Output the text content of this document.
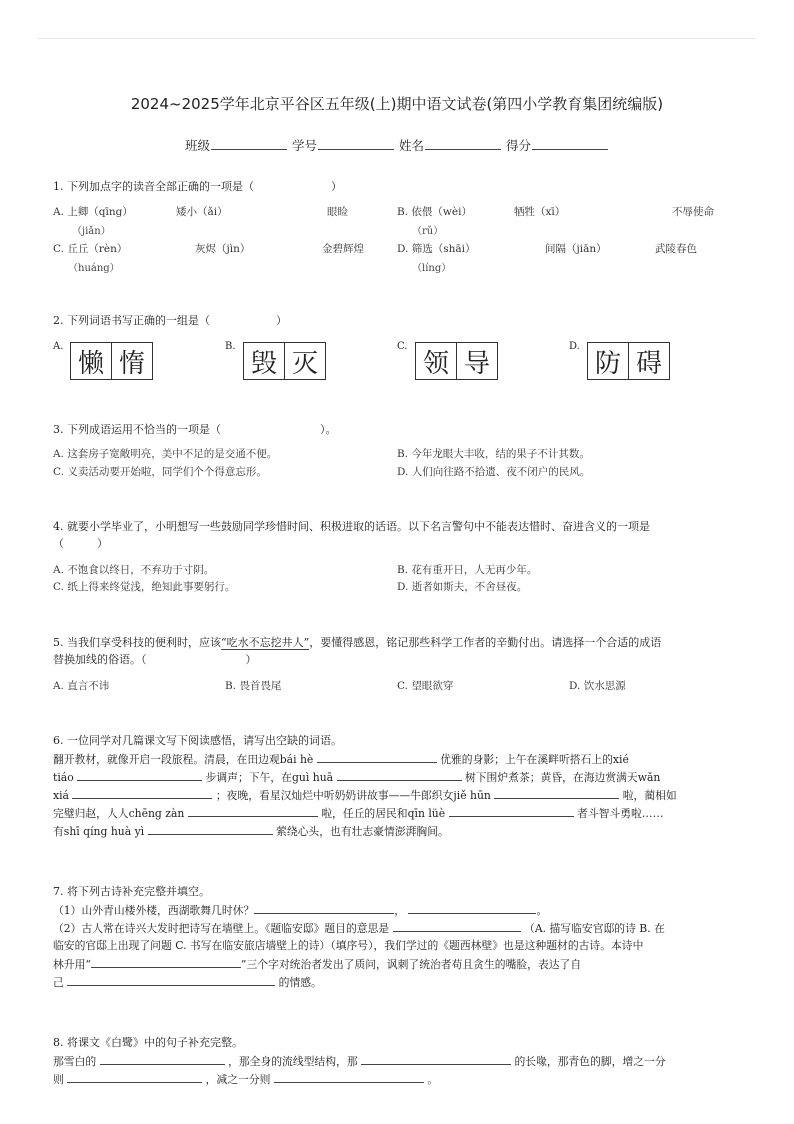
2024~2025学年北京平谷区五年级(上)期中语文试卷(第四小学教育集团统编版)
班级	学号	姓名	得分
1. 下列加点字的读音全部正确的一项是（　　　　　　　）
A. 上卿（qīng）	矮小（ǎi）	眼睑
（jiǎn）
B. 依偎（wèi）	牺牲（xī）	不辱使命
（rǔ）
C. 丘丘（rèn）	灰烬（jìn）	金碧辉煌
（huáng）
D. 筛选（shāi）	间隔（jiān）	武陵春色
（líng）
2. 下列词语书写正确的一组是（　　　　　　）
A.
懒 惰
B.
毁 灭
C.
领 导
D.
防 碍
3. 下列成语运用不恰当的一项是（　　　　　　　　　）。
A. 这套房子宽敞明亮，美中不足的是交通不便。	B. 今年龙眼大丰收，结的果子不计其数。
C. 义卖活动要开始啦，同学们个个得意忘形。	D. 人们向往路不拾遗、夜不闭户的民风。
4. 就要小学毕业了，小明想写一些鼓励同学珍惜时间、积极进取的话语。以下名言警句中不能表达惜时、奋进含义的一项是
（　　　）
A. 不饱食以终日，不弃功于寸阴。	B. 花有重开日，人无再少年。
C. 纸上得来终觉浅，绝知此事要躬行。	D. 逝者如斯夫，不舍昼夜。
5. 当我们享受科技的便利时，应该“吃水不忘挖井人”，要懂得感恩，铭记那些科学工作者的辛勤付出。请选择一个合适的成语
替换加线的俗语。（　　　　　　　　　）
A. 直言不讳	B. 畏首畏尾	C. 望眼欲穿	D. 饮水思源
6. 一位同学对几篇课文写下阅读感悟，请写出空缺的词语。
翻开教材，就像开启一段旅程。清晨，在田边观bái hè	优雅的身影；上午在溪畔听搭石上的xié
tiáo	步调声；下午，在guì huā	树下围炉煮茶；黄昏，在海边赏满天wǎn
xiá	；夜晚，看星汉灿烂中听奶奶讲故事——牛郎织女jiě hūn	啦，蔺相如
完璧归赵，人人chēng zàn	啦，任丘的居民和qīn lüè	者斗智斗勇啦……
有shī qíng huà yì	萦绕心头，也有壮志豪情澎湃胸间。
7. 将下列古诗补充完整并填空。
（1）山外青山楼外楼，西湖歌舞几时休？	，	。
（2）古人常在诗兴大发时把诗写在墙壁上。《题临安邸》题目的意思是	（A. 描写临安官邸的诗 B. 在
临安的官邸上出现了问题 C. 书写在临安旅店墙壁上的诗）（填序号），我们学过的《题西林壁》也是这种题材的古诗。本诗中
林升用“	”三个字对统治者发出了质问，讽刺了统治者苟且贪生的嘴脸，表达了自
己	的情感。
8. 将课文《白鹭》中的句子补充完整。
那雪白的	，那全身的流线型结构，那	的长喙，那青色的脚，增之一分
则	，减之一分则	。
